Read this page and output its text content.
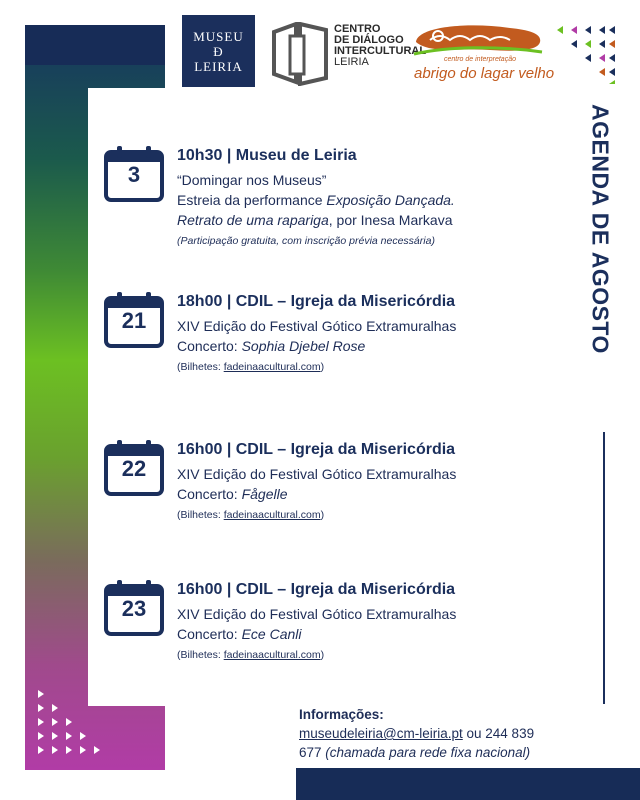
MUSEU
Đ
LEIRIA
CENTRO
DE DIÁLOGO
INTERCULTURAL
LEIRIA	centro de interpretação
abrigo do lagar velho
AGENDA DE AGOSTO
3
10h30 | Museu de Leiria
“Domingar nos Museus”
Estreia da performance Exposição Dançada.
Retrato de uma rapariga, por Inesa Markava
(Participação gratuita, com inscrição prévia necessária)
21
18h00 | CDIL – Igreja da Misericórdia
XIV Edição do Festival Gótico Extramuralhas
Concerto: Sophia Djebel Rose
(Bilhetes: fadeinaacultural.com)
22
16h00 | CDIL – Igreja da Misericórdia
XIV Edição do Festival Gótico Extramuralhas
Concerto: Fågelle
(Bilhetes: fadeinaacultural.com)
23
16h00 | CDIL – Igreja da Misericórdia
XIV Edição do Festival Gótico Extramuralhas
Concerto: Ece Canli
(Bilhetes: fadeinaacultural.com)
Informações:
museudeleiria@cm-leiria.pt ou 244 839
677 (chamada para rede fixa nacional)
